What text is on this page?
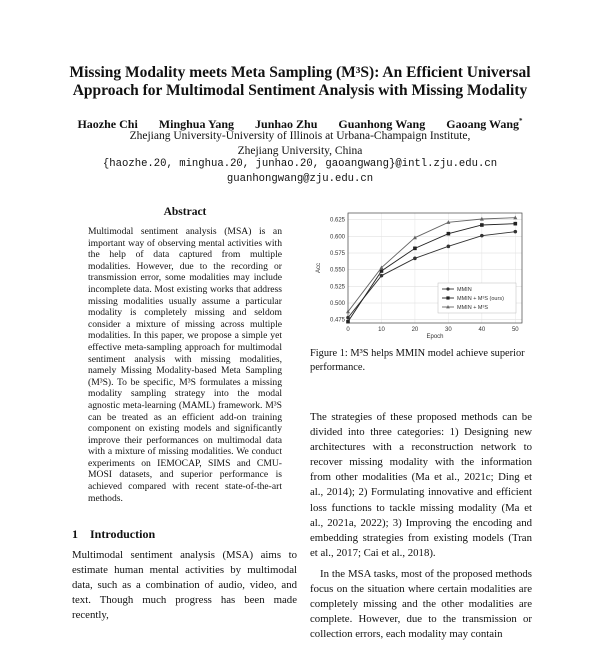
Missing Modality meets Meta Sampling (M³S): An Efficient Universal
Approach for Multimodal Sentiment Analysis with Missing Modality
Haozhe Chi Minghua Yang Junhao Zhu Guanhong Wang Gaoang Wang*
Zhejiang University-University of Illinois at Urbana-Champaign Institute,
Zhejiang University, China
{haozhe.20, minghua.20, junhao.20, gaoangwang}@intl.zju.edu.cn
guanhongwang@zju.edu.cn
Abstract
Multimodal sentiment analysis (MSA) is an important way of observing mental activities with the help of data captured from multiple modalities. However, due to the recording or transmission error, some modalities may include incomplete data. Most existing works that address missing modalities usually assume a particular modality is completely missing and seldom consider a mixture of missing across multiple modalities. In this paper, we propose a simple yet effective meta-sampling approach for multimodal sentiment analysis with missing modalities, namely Missing Modality-based Meta Sampling (M³S). To be specific, M³S formulates a missing modality sampling strategy into the modal agnostic meta-learning (MAML) framework. M³S can be treated as an efficient add-on training component on existing models and significantly improve their performances on multimodal data with a mixture of missing modalities. We conduct experiments on IEMOCAP, SIMS and CMU-MOSI datasets, and superior performance is achieved compared with recent state-of-the-art methods.
1 Introduction
Multimodal sentiment analysis (MSA) aims to estimate human mental activities by multimodal data, such as a combination of audio, video, and text. Though much progress has been made recently,
0.475
0.500
0.525
0.550
0.575
0.600
0.625
0	10	20	30	40	50
Epoch
Acc
MMIN
MMIN + M³S (ours)
MMIN + M³S
Figure 1: M³S helps MMIN model achieve superior performance.

The strategies of these proposed methods can be divided into three categories: 1) Designing new architectures with a reconstruction network to recover missing modality with the information from other modalities (Ma et al., 2021c; Ding et al., 2014); 2) Formulating innovative and efficient loss functions to tackle missing modality (Ma et al., 2021a, 2022); 3) Improving the encoding and embedding strategies from existing models (Tran et al., 2017; Cai et al., 2018).

In the MSA tasks, most of the proposed methods focus on the situation where certain modalities are completely missing and the other modalities are complete. However, due to the transmission or collection errors, each modality may contain
